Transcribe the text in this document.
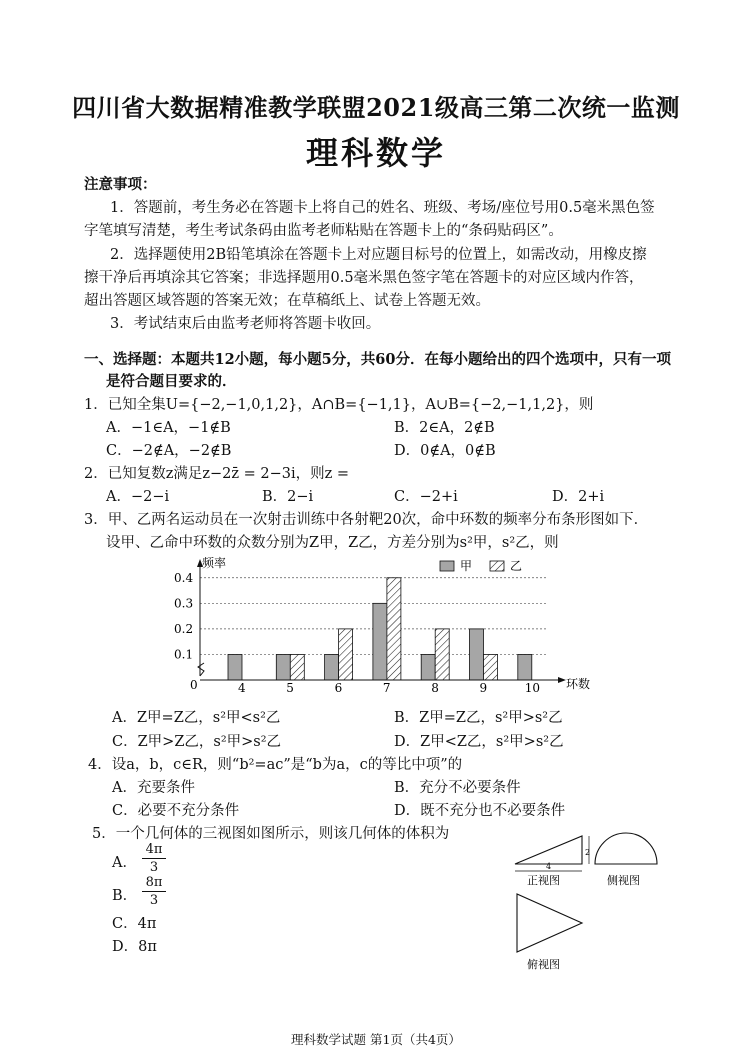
四川省大数据精准教学联盟2021级高三第二次统一监测
理科数学
注意事项：
1．答题前，考生务必在答题卡上将自己的姓名、班级、考场/座位号用0.5毫米黑色签
字笔填写清楚，考生考试条码由监考老师粘贴在答题卡上的“条码贴码区”。
2．选择题使用2B铅笔填涂在答题卡上对应题目标号的位置上，如需改动，用橡皮擦
擦干净后再填涂其它答案；非选择题用0.5毫米黑色签字笔在答题卡的对应区域内作答，
超出答题区域答题的答案无效；在草稿纸上、试卷上答题无效。
3．考试结束后由监考老师将答题卡收回。
一、选择题：本题共12小题，每小题5分，共60分．在每小题给出的四个选项中，只有一项
是符合题目要求的．
1．已知全集U={−2,−1,0,1,2}，A∩B={−1,1}，A∪B={−2,−1,1,2}，则
A．−1∈A，−1∉B	B．2∈A，2∉B
C．−2∉A，−2∉B	D．0∉A，0∉B
2．已知复数z满足z−2z̄ = 2−3i，则z =
A．−2−i	B．2−i	C．−2+i	D．2+i
3．甲、乙两名运动员在一次射击训练中各射靶20次，命中环数的频率分布条形图如下．
设甲、乙命中环数的众数分别为Z甲，Z乙，方差分别为s²甲，s²乙，则
频率
环数
0
0.1
0.2
0.3
0.4
4	5	6	7	8	9	10
甲	乙
A．Z甲=Z乙，s²甲<s²乙	B．Z甲=Z乙，s²甲>s²乙
C．Z甲>Z乙，s²甲>s²乙	D．Z甲<Z乙，s²甲>s²乙
4．设a，b，c∈R，则“b²=ac”是“b为a，c的等比中项”的
A．充要条件	B．充分不必要条件
C．必要不充分条件	D．既不充分也不必要条件
5．一个几何体的三视图如图所示，则该几何体的体积为
A． $\frac{4\pi}{3}$
B． $\frac{8\pi}{3}$
C．4π
D．8π
2
4
正视图	侧视图
俯视图
理科数学试题 第1页（共4页）
